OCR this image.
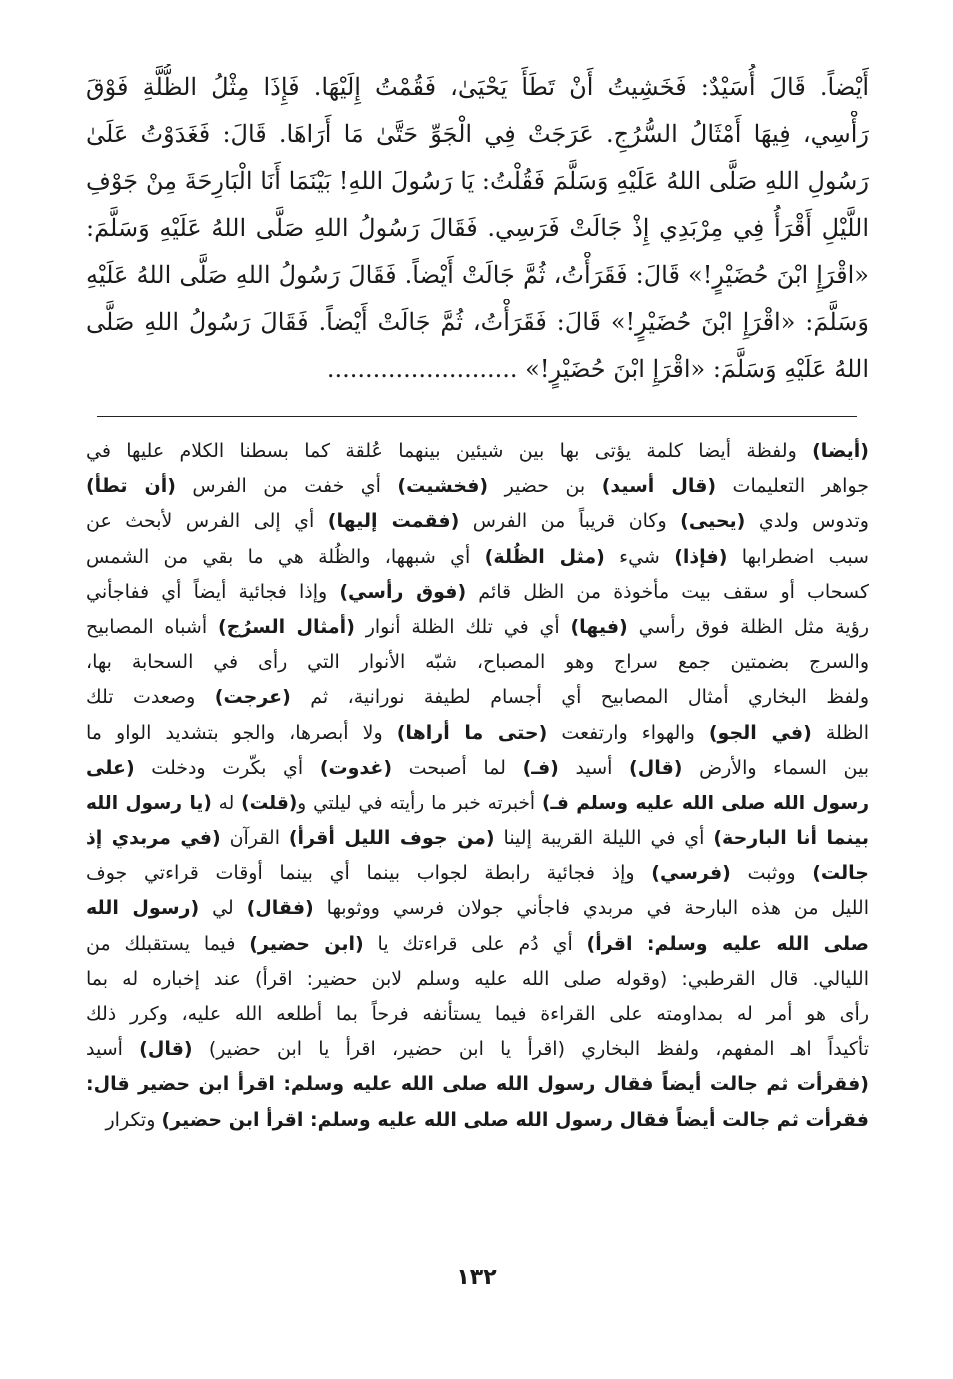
أَيْضاً. قَالَ أُسَيْدٌ: فَخَشِيتُ أَنْ تَطَأَ يَحْيَىٰ، فَقُمْتُ إِلَيْهَا. فَإِذَا مِثْلُ الظُّلَّةِ فَوْقَ
رَأْسِي، فِيهَا أَمْثَالُ السُّرُجِ. عَرَجَتْ فِي الْجَوِّ حَتَّىٰ مَا أَرَاهَا. قَالَ: فَغَدَوْتُ عَلَىٰ
رَسُولِ اللهِ صَلَّى اللهُ عَلَيْهِ وَسَلَّمَ فَقُلْتُ: يَا رَسُولَ اللهِ! بَيْنَمَا أَنَا الْبَارِحَةَ مِنْ جَوْفِ
اللَّيْلِ أَقْرَأُ فِي مِرْبَدِي إِذْ جَالَتْ فَرَسِي. فَقَالَ رَسُولُ اللهِ صَلَّى اللهُ عَلَيْهِ وَسَلَّمَ:
«اقْرَإِ ابْنَ حُضَيْرٍ!» قَالَ: فَقَرَأْتُ، ثُمَّ جَالَتْ أَيْضاً. فَقَالَ رَسُولُ اللهِ صَلَّى اللهُ عَلَيْهِ
وَسَلَّمَ: «اقْرَإِ ابْنَ حُضَيْرٍ!» قَالَ: فَقَرَأْتُ، ثُمَّ جَالَتْ أَيْضاً. فَقَالَ رَسُولُ اللهِ صَلَّى
اللهُ عَلَيْهِ وَسَلَّمَ: «اقْرَإِ ابْنَ حُضَيْرٍ!» .........................
(أيضا) ولفظة أيضا كلمة يؤتى بها بين شيئين بينهما عُلقة كما بسطنا الكلام عليها في
جواهر التعليمات (قال أسيد) بن حضير (فخشيت) أي خفت من الفرس (أن تطأ)
وتدوس ولدي (يحيى) وكان قريباً من الفرس (فقمت إليها) أي إلى الفرس لأبحث عن
سبب اضطرابها (فإذا) شيء (مثل الظُلة) أي شبهها، والظُلة هي ما بقي من الشمس
كسحاب أو سقف بيت مأخوذة من الظل قائم (فوق رأسي) وإذا فجائية أيضاً أي ففاجأني
رؤية مثل الظلة فوق رأسي (فيها) أي في تلك الظلة أنوار (أمثال السرُج) أشباه المصابيح
والسرج بضمتين جمع سراج وهو المصباح، شبّه الأنوار التي رأى في السحابة بها،
ولفظ البخاري أمثال المصابيح أي أجسام لطيفة نورانية، ثم (عرجت) وصعدت تلك
الظلة (في الجو) والهواء وارتفعت (حتى ما أراها) ولا أبصرها، والجو بتشديد الواو ما
بين السماء والأرض (قال) أسيد (فـ) لما أصبحت (غدوت) أي بكّرت ودخلت (على
رسول الله صلى الله عليه وسلم فـ) أخبرته خبر ما رأيته في ليلتي و(قلت) له (يا رسول الله
بينما أنا البارحة) أي في الليلة القريبة إلينا (من جوف الليل أقرأ) القرآن (في مربدي إذ
جالت) ووثبت (فرسي) وإذ فجائية رابطة لجواب بينما أي بينما أوقات قراءتي جوف
الليل من هذه البارحة في مربدي فاجأني جولان فرسي ووثوبها (فقال) لي (رسول الله
صلى الله عليه وسلم: اقرأ) أي دُم على قراءتك يا (ابن حضير) فيما يستقبلك من
الليالي. قال القرطبي: (وقوله صلى الله عليه وسلم لابن حضير: اقرأ) عند إخباره له بما
رأى هو أمر له بمداومته على القراءة فيما يستأنفه فرحاً بما أطلعه الله عليه، وكرر ذلك
تأكيداً اهـ المفهم، ولفظ البخاري (اقرأ يا ابن حضير، اقرأ يا ابن حضير) (قال) أسيد
(فقرأت ثم جالت أيضاً فقال رسول الله صلى الله عليه وسلم: اقرأ ابن حضير قال:
فقرأت ثم جالت أيضاً فقال رسول الله صلى الله عليه وسلم: اقرأ ابن حضير) وتكرار
١٣٢
